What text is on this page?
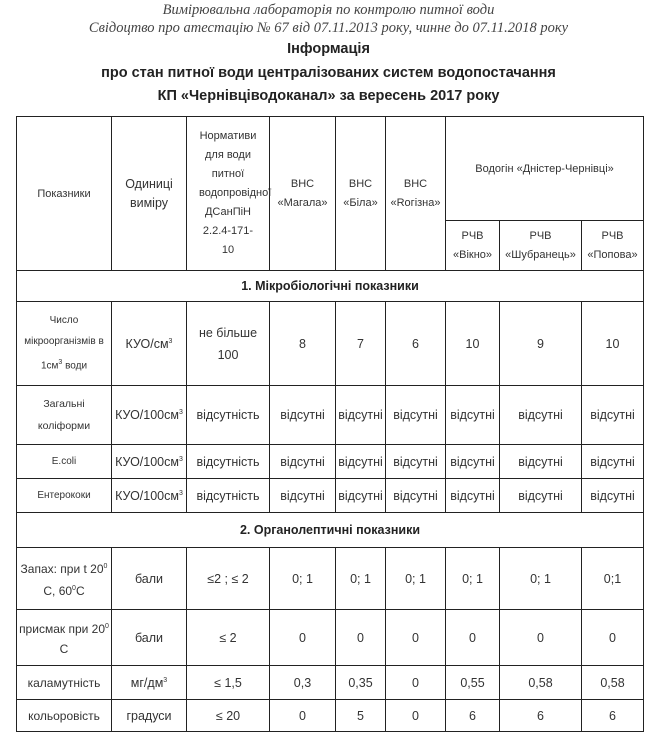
Вимірювальна лабораторія по контролю питної води
Свідоцтво про атестацію № 67 від 07.11.2013 року, чинне до 07.11.2018 року
Інформація
про стан питної води централізованих систем водопостачання
КП «Чернівціводоканал» за вересень 2017 року
Показники	Одиниці виміру	Нормативи для води питної водопровідної ДСанПіН 2.2.4-171-10	ВНС «Магала»	ВНС «Біла»	ВНС «Rогізна»	Водогін «Дністер-Чернівці»		
						РЧВ «Вікно»	РЧВ «Шубранець»	РЧВ «Попова»
1. Мікробіологічні показники								
Число мікроорганізмів в $1см^3$ води	КУО/$см^3$	не більше 100	8	7	6	10	9	10
Загальні коліформи	КУО/$100см^3$	відсутність	відсутні	відсутні	відсутні	відсутні	відсутні	відсутні
E.coli	КУО/$100см^3$	відсутність	відсутні	відсутні	відсутні	відсутні	відсутні	відсутні
Ентерококи	КУО/$100см^3$	відсутність	відсутні	відсутні	відсутні	відсутні	відсутні	відсутні
2. Органолептичні показники								
Запах: при t $20^0$ С, $60^0С$	бали	≤2 ; ≤ 2	0; 1	0; 1	0; 1	0; 1	0; 1	0;1
присмак при $20^0$ С	бали	≤ 2	0	0	0	0	0	0
каламутність	$мг/дм^3$	≤ 1,5	0,3	0,35	0	0,55	0,58	0,58
кольоровість	градуси	≤ 20	0	5	0	6	6	6
